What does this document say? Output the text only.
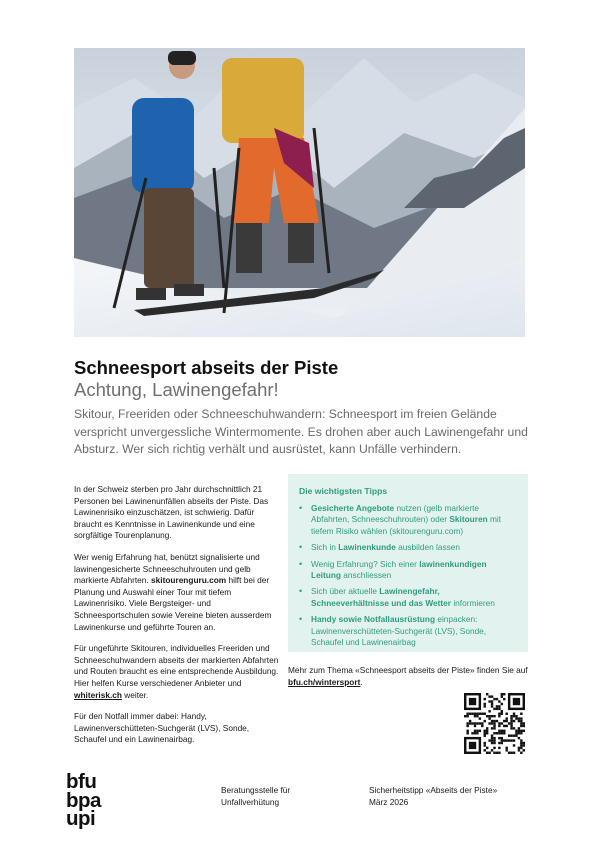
Schneesport abseits der Piste
Achtung, Lawinengefahr!
Skitour, Freeriden oder Schneeschuhwandern: Schneesport im freien Gelände verspricht unvergessliche Wintermomente. Es drohen aber auch Lawinengefahr und Absturz. Wer sich richtig verhält und ausrüstet, kann Unfälle verhindern.

In der Schweiz sterben pro Jahr durchschnittlich 21 Personen bei Lawinenunfällen abseits der Piste. Das Lawinenrisiko einzuschätzen, ist schwierig. Dafür braucht es Kenntnisse in Lawinenkunde und eine sorgfältige Tourenplanung.

Wer wenig Erfahrung hat, benützt signalisierte und lawinengesicherte Schneeschuhrouten und gelb markierte Abfahrten. skitourenguru.com hilft bei der Planung und Auswahl einer Tour mit tiefem Lawinenrisiko. Viele Bergsteiger- und Schneesportschulen sowie Vereine bieten ausserdem Lawinenkurse und geführte Touren an.

Für ungeführte Skitouren, individuelles Freeriden und Schneeschuhwandern abseits der markierten Abfahrten und Routen braucht es eine entsprechende Ausbildung. Hier helfen Kurse verschiedener Anbieter und whiterisk.ch weiter.

Für den Notfall immer dabei: Handy, Lawinenverschütteten-Suchgerät (LVS), Sonde, Schaufel und ein Lawinenairbag.

Die wichtigsten Tipps
• Gesicherte Angebote nutzen (gelb markierte Abfahrten, Schneeschuhrouten) oder Skitouren mit tiefem Risiko wählen (skitourenguru.com)
• Sich in Lawinenkunde ausbilden lassen
• Wenig Erfahrung? Sich einer lawinenkundigen Leitung anschliessen
• Sich über aktuelle Lawinengefahr, Schneeverhältnisse und das Wetter informieren
• Handy sowie Notfallausrüstung einpacken: Lawinenverschütteten-Suchgerät (LVS), Sonde, Schaufel und Lawinenairbag
Mehr zum Thema «Schneesport abseits der Piste» finden Sie auf bfu.ch/wintersport.
bfu
bpa
upi
Beratungsstelle für
Unfallverhütung
Sicherheitstipp «Abseits der Piste»
März 2026
